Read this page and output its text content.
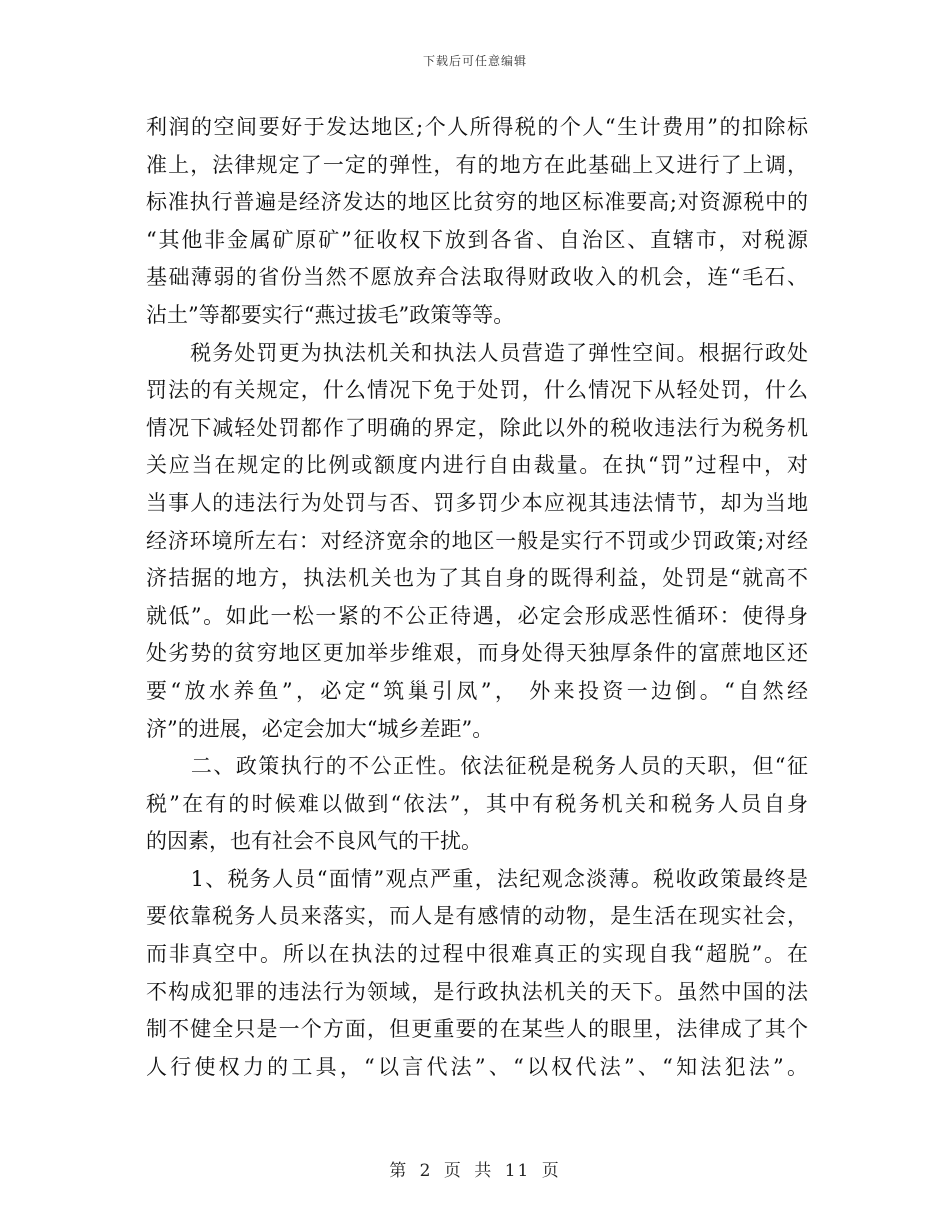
下载后可任意编辑
利润的空间要好于发达地区;个人所得税的个人“生计费用”的扣除标
准上，法律规定了一定的弹性，有的地方在此基础上又进行了上调，
标准执行普遍是经济发达的地区比贫穷的地区标准要高;对资源税中的
“其他非金属矿原矿”征收权下放到各省、自治区、直辖市，对税源
基础薄弱的省份当然不愿放弃合法取得财政收入的机会，连“毛石、
沾土”等都要实行“燕过拔毛”政策等等。
　　税务处罚更为执法机关和执法人员营造了弹性空间。根据行政处
罚法的有关规定，什么情况下免于处罚，什么情况下从轻处罚，什么
情况下减轻处罚都作了明确的界定，除此以外的税收违法行为税务机
关应当在规定的比例或额度内进行自由裁量。在执“罚”过程中，对
当事人的违法行为处罚与否、罚多罚少本应视其违法情节，却为当地
经济环境所左右：对经济宽余的地区一般是实行不罚或少罚政策;对经
济拮据的地方，执法机关也为了其自身的既得利益，处罚是“就高不
就低”。如此一松一紧的不公正待遇，必定会形成恶性循环：使得身
处劣势的贫穷地区更加举步维艰，而身处得天独厚条件的富蔗地区还
要“放水养鱼”，必定“筑巢引凤”， 外来投资一边倒。“自然经
济”的进展，必定会加大“城乡差距”。
　　二、政策执行的不公正性。依法征税是税务人员的天职，但“征
税”在有的时候难以做到“依法”，其中有税务机关和税务人员自身
的因素，也有社会不良风气的干扰。
　　1、税务人员“面情”观点严重，法纪观念淡薄。税收政策最终是
要依靠税务人员来落实，而人是有感情的动物，是生活在现实社会，
而非真空中。所以在执法的过程中很难真正的实现自我“超脱”。在
不构成犯罪的违法行为领域，是行政执法机关的天下。虽然中国的法
制不健全只是一个方面，但更重要的在某些人的眼里，法律成了其个
人行使权力的工具，“以言代法”、“以权代法”、“知法犯法”。
第 2 页 共 11 页
